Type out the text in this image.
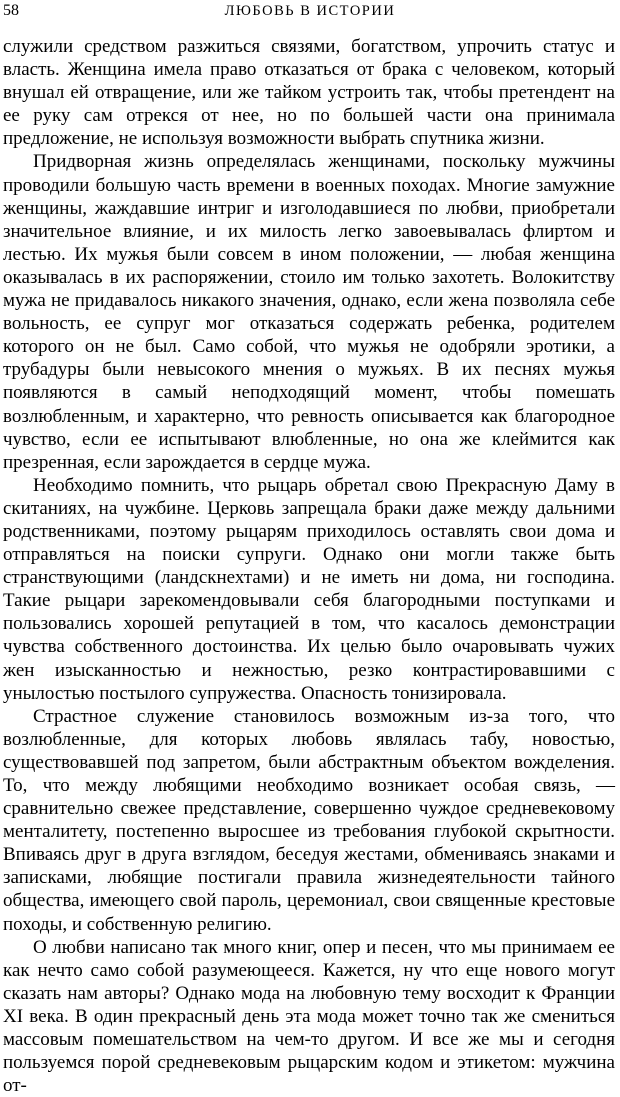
58	ЛЮБОВЬ В ИСТОРИИ

служили средством разжиться связями, богатством, упрочить статус и власть. Женщина имела право отказаться от брака с человеком, который внушал ей отвращение, или же тайком устроить так, чтобы претендент на ее руку сам отрекся от нее, но по большей части она принимала предложение, не используя возможности выбрать спутника жизни.

Придворная жизнь определялась женщинами, поскольку мужчины проводили большую часть времени в военных походах. Многие замужние женщины, жаждавшие интриг и изголодавшиеся по любви, приобретали значительное влияние, и их милость легко завоевывалась флиртом и лестью. Их мужья были совсем в ином положении, — любая женщина оказывалась в их распоряжении, стоило им только захотеть. Волокитству мужа не придавалось никакого значения, однако, если жена позволяла себе вольность, ее супруг мог отказаться содержать ребенка, родителем которого он не был. Само собой, что мужья не одобряли эротики, а трубадуры были невысокого мнения о мужьях. В их песнях мужья появляются в самый неподходящий момент, чтобы помешать возлюбленным, и характерно, что ревность описывается как благородное чувство, если ее испытывают влюбленные, но она же клеймится как презренная, если зарождается в сердце мужа.

Необходимо помнить, что рыцарь обретал свою Прекрасную Даму в скитаниях, на чужбине. Церковь запрещала браки даже между дальними родственниками, поэтому рыцарям приходилось оставлять свои дома и отправляться на поиски супруги. Однако они могли также быть странствующими (ландскнехтами) и не иметь ни дома, ни господина. Такие рыцари зарекомендовывали себя благородными поступками и пользовались хорошей репутацией в том, что касалось демонстрации чувства собственного достоинства. Их целью было очаровывать чужих жен изысканностью и нежностью, резко контрастировавшими с унылостью постылого супружества. Опасность тонизировала.

Страстное служение становилось возможным из-за того, что возлюбленные, для которых любовь являлась табу, новостью, существовавшей под запретом, были абстрактным объектом вожделения. То, что между любящими необходимо возникает особая связь, — сравнительно свежее представление, совершенно чуждое средневековому менталитету, постепенно выросшее из требования глубокой скрытности. Впиваясь друг в друга взглядом, беседуя жестами, обмениваясь знаками и записками, любящие постигали правила жизнедеятельности тайного общества, имеющего свой пароль, церемониал, свои священные крестовые походы, и собственную религию.

О любви написано так много книг, опер и песен, что мы принимаем ее как нечто само собой разумеющееся. Кажется, ну что еще нового могут сказать нам авторы? Однако мода на любовную тему восходит к Франции XI века. В один прекрасный день эта мода может точно так же смениться массовым помешательством на чем-то другом. И все же мы и сегодня пользуемся порой средневековым рыцарским кодом и этикетом: мужчина от-
